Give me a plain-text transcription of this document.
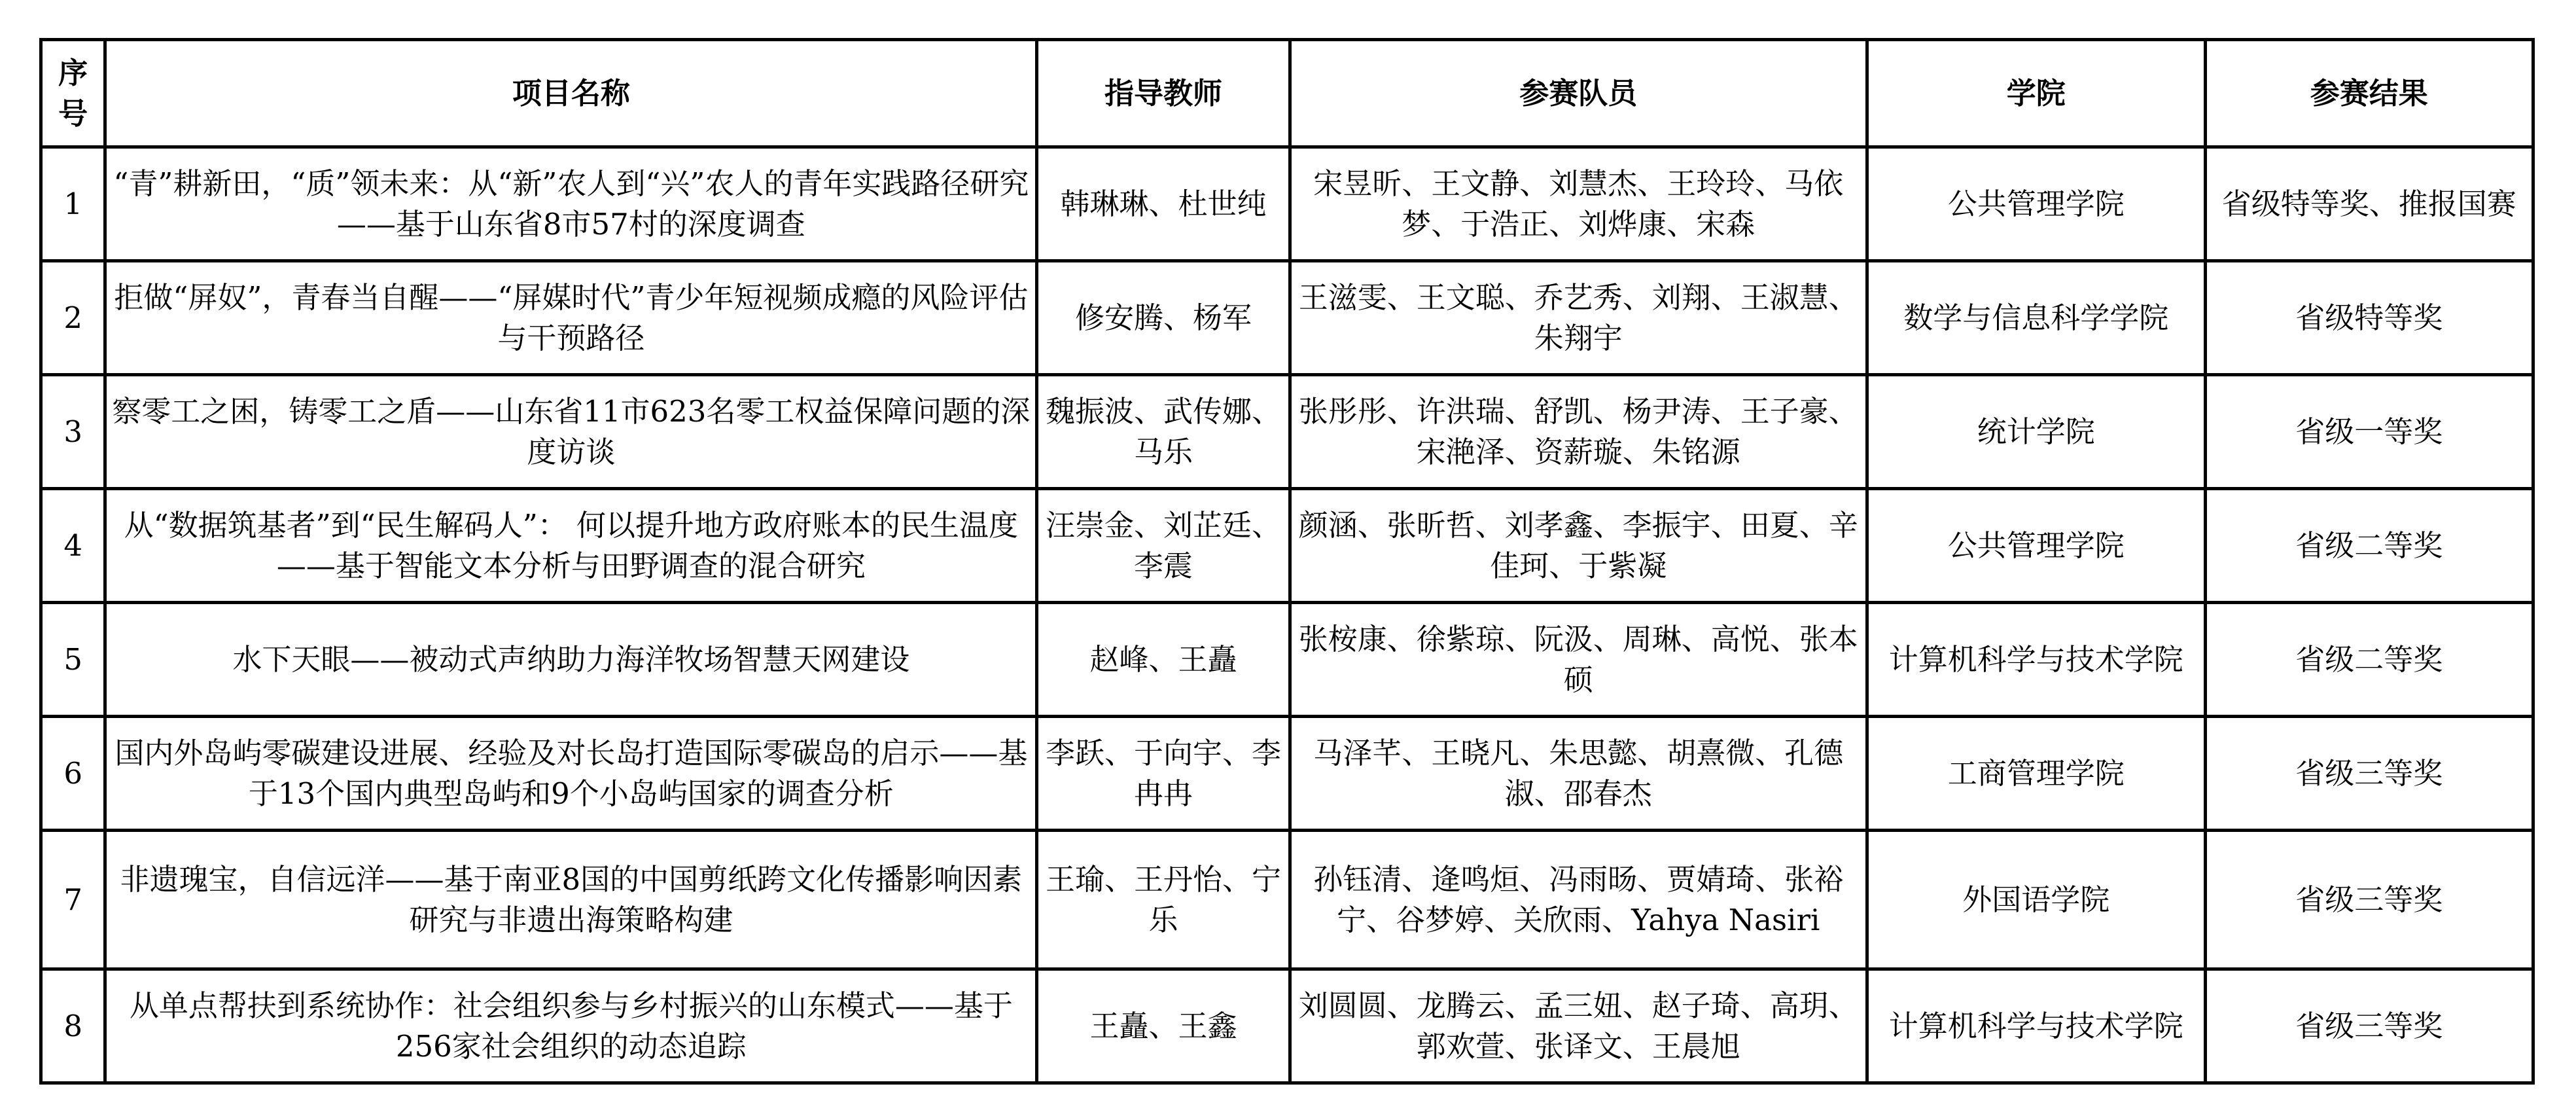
序号	项目名称	指导教师	参赛队员	学院	参赛结果
1	“青”耕新田，“质”领未来：从“新”农人到“兴”农人的青年实践路径研究——基于山东省8市57村的深度调查	韩琳琳、杜世纯	宋昱昕、王文静、刘慧杰、王玲玲、马依梦、于浩正、刘烨康、宋森	公共管理学院	省级特等奖、推报国赛
2	拒做“屏奴”，青春当自醒——“屏媒时代”青少年短视频成瘾的风险评估与干预路径	修安腾、杨军	王滋雯、王文聪、乔艺秀、刘翔、王淑慧、朱翔宇	数学与信息科学学院	省级特等奖
3	察零工之困，铸零工之盾——山东省11市623名零工权益保障问题的深度访谈	魏振波、武传娜、马乐	张彤彤、许洪瑞、舒凯、杨尹涛、王子豪、宋滟泽、资薪璇、朱铭源	统计学院	省级一等奖
4	从“数据筑基者”到“民生解码人”： 何以提升地方政府账本的民生温度 ——基于智能文本分析与田野调查的混合研究	汪崇金、刘芷廷、李震	颜涵、张昕哲、刘孝鑫、李振宇、田夏、辛佳珂、于紫凝	公共管理学院	省级二等奖
5	水下天眼——被动式声纳助力海洋牧场智慧天网建设	赵峰、王矗	张桉康、徐紫琼、阮汲、周琳、高悦、张本硕	计算机科学与技术学院	省级二等奖
6	国内外岛屿零碳建设进展、经验及对长岛打造国际零碳岛的启示——基于13个国内典型岛屿和9个小岛屿国家的调查分析	李跃、于向宇、李冉冉	马泽芊、王晓凡、朱思懿、胡熹微、孔德淑、邵春杰	工商管理学院	省级三等奖
7	非遗瑰宝，自信远洋——基于南亚8国的中国剪纸跨文化传播影响因素研究与非遗出海策略构建	王瑜、王丹怡、宁乐	孙钰清、逄鸣烜、冯雨旸、贾婧琦、张裕宁、谷梦婷、关欣雨、Yahya Nasiri	外国语学院	省级三等奖
8	从单点帮扶到系统协作：社会组织参与乡村振兴的山东模式——基于256家社会组织的动态追踪	王矗、王鑫	刘圆圆、龙腾云、孟三妞、赵子琦、高玥、郭欢萱、张译文、王晨旭	计算机科学与技术学院	省级三等奖
